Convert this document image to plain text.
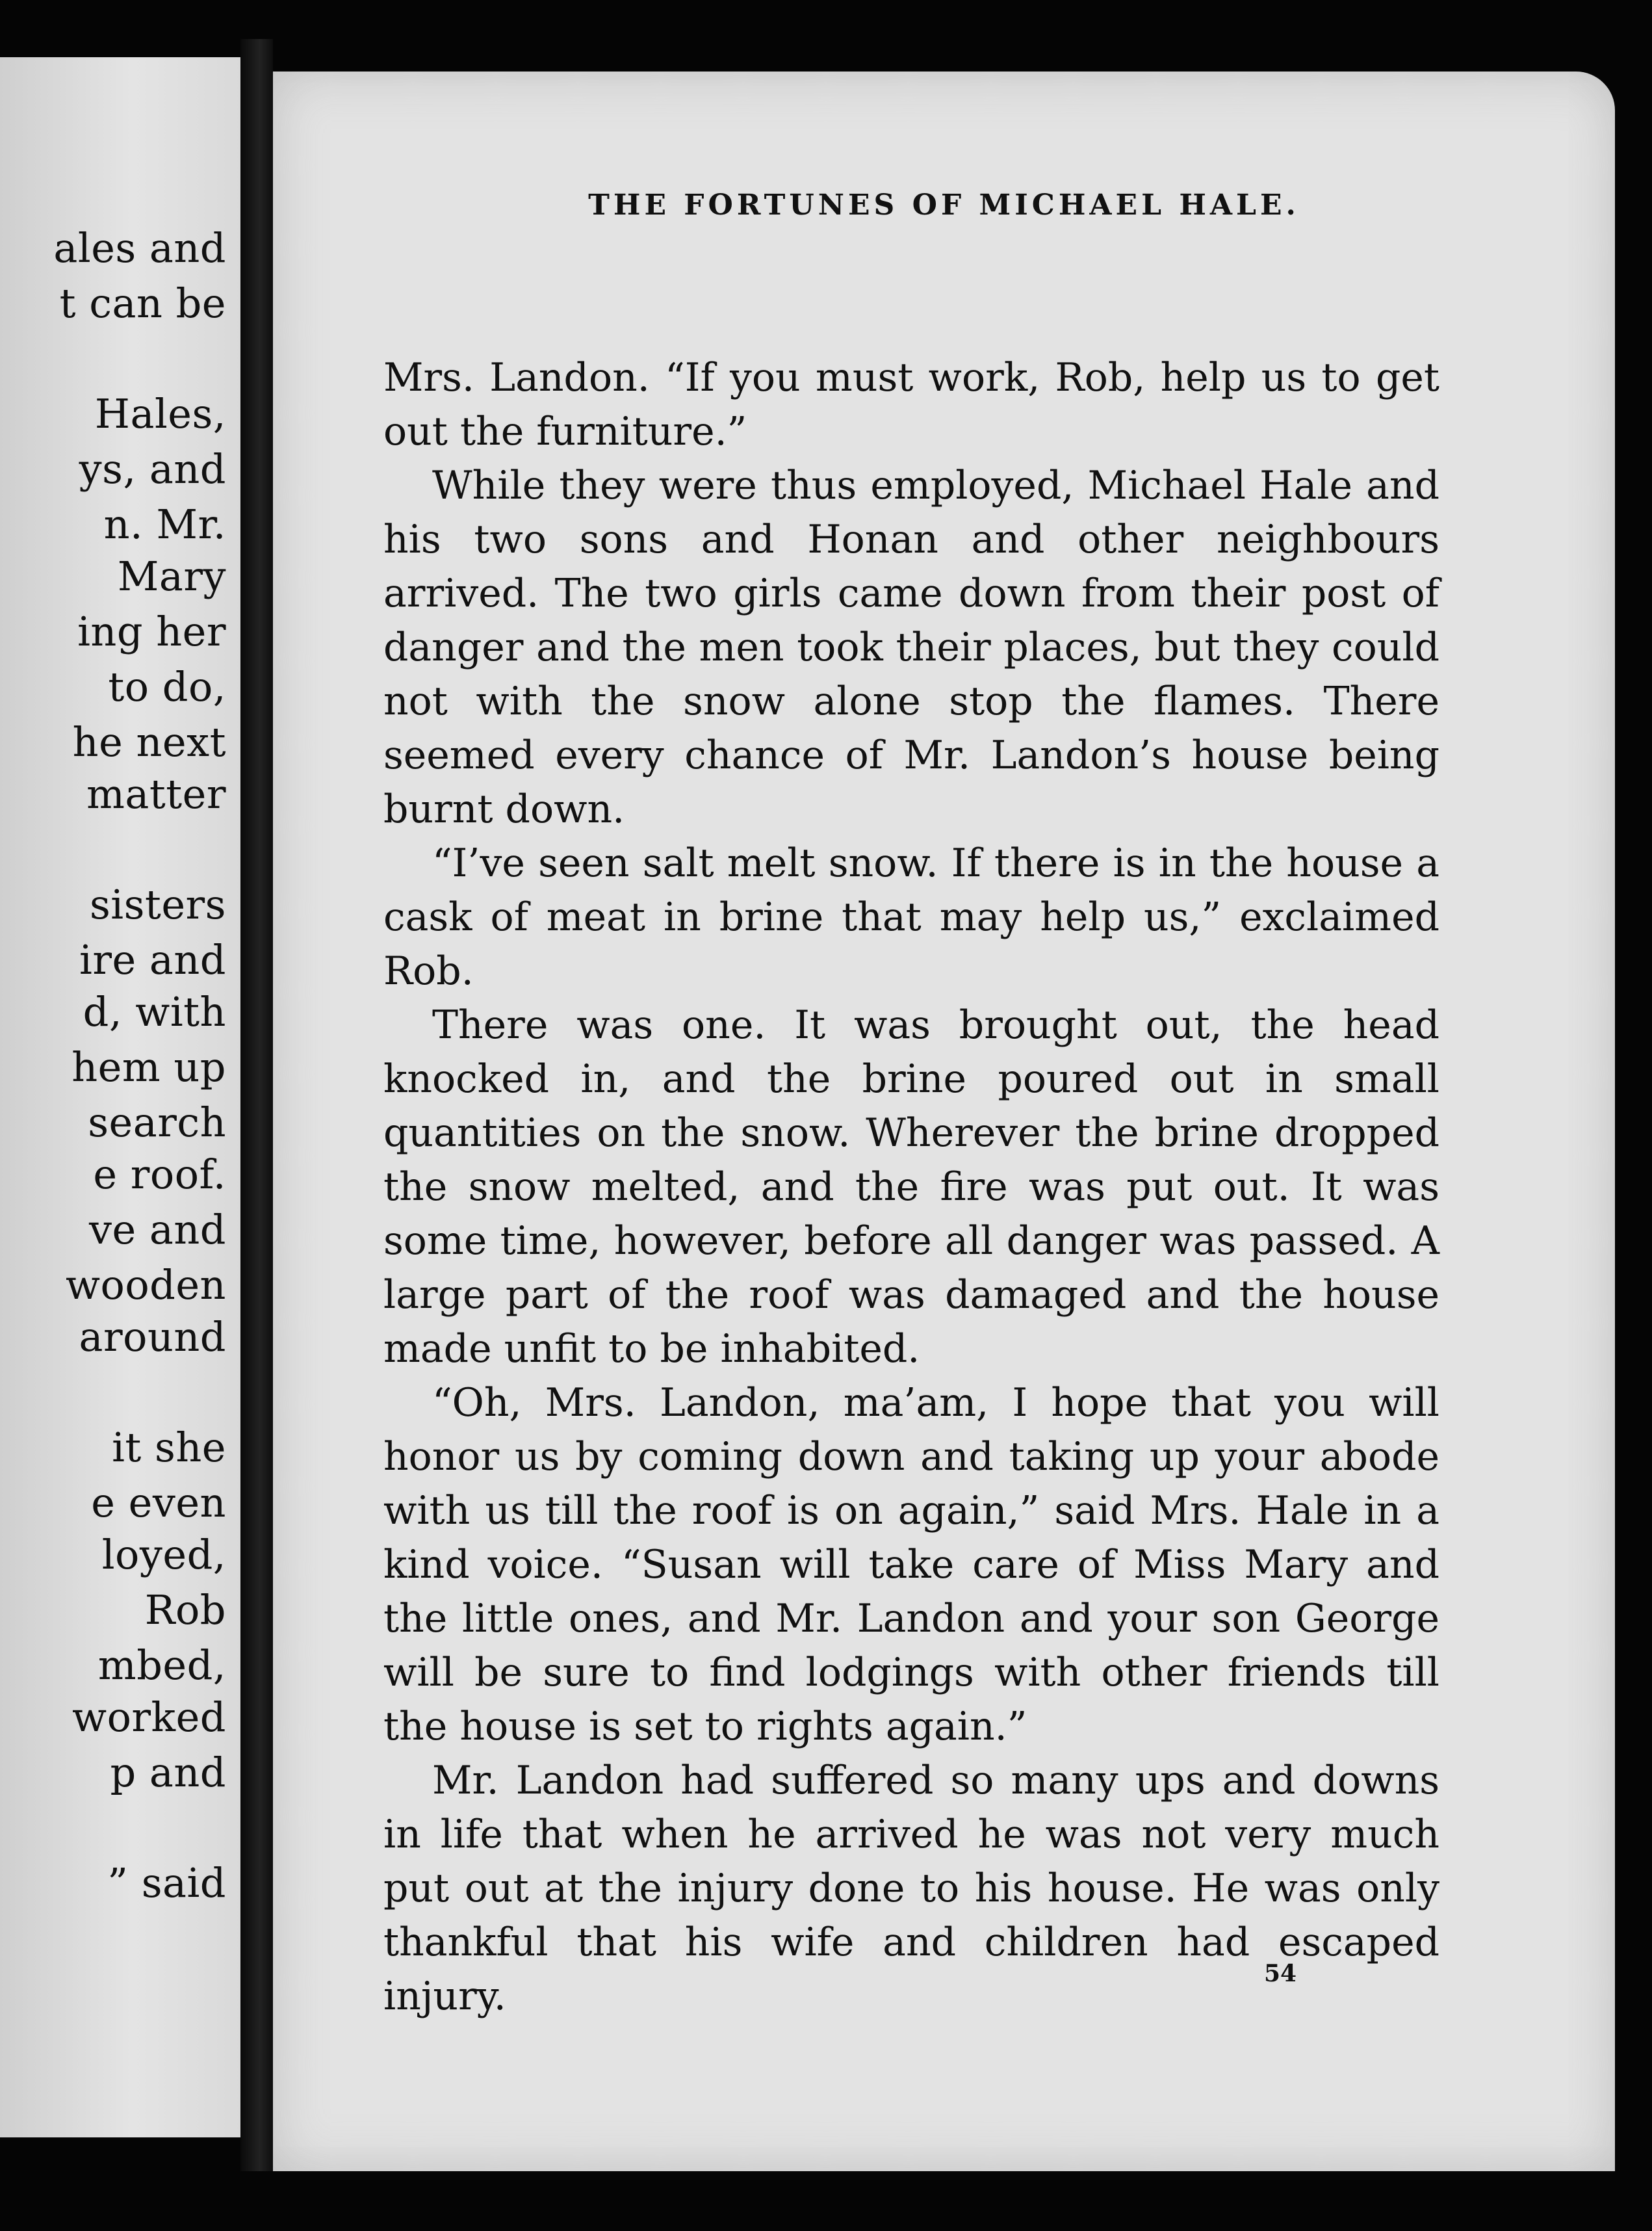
ales and
t can be
Hales,
ys, and
n. Mr.
Mary
ing her
to do,
he next
matter
sisters
ire and
d, with
hem up
search
e roof.
ve and
wooden
around
it she
e even
loyed,
Rob
mbed,
worked
p and
” said
THE FORTUNES OF MICHAEL HALE.

Mrs. Landon. “If you must work, Rob, help us to get out the furniture.”

While they were thus employed, Michael Hale and his two sons and Honan and other neighbours arrived. The two girls came down from their post of danger and the men took their places, but they could not with the snow alone stop the flames. There seemed every chance of Mr. Landon’s house being burnt down.

“I’ve seen salt melt snow. If there is in the house a cask of meat in brine that may help us,” exclaimed Rob.

There was one. It was brought out, the head knocked in, and the brine poured out in small quantities on the snow. Wherever the brine dropped the snow melted, and the fire was put out. It was some time, however, before all danger was passed. A large part of the roof was damaged and the house made unfit to be inhabited.

“Oh, Mrs. Landon, ma’am, I hope that you will honor us by coming down and taking up your abode with us till the roof is on again,” said Mrs. Hale in a kind voice. “Susan will take care of Miss Mary and the little ones, and Mr. Landon and your son George will be sure to find lodgings with other friends till the house is set to rights again.”

Mr. Landon had suffered so many ups and downs in life that when he arrived he was not very much put out at the injury done to his house. He was only thankful that his wife and children had escaped injury.	54
